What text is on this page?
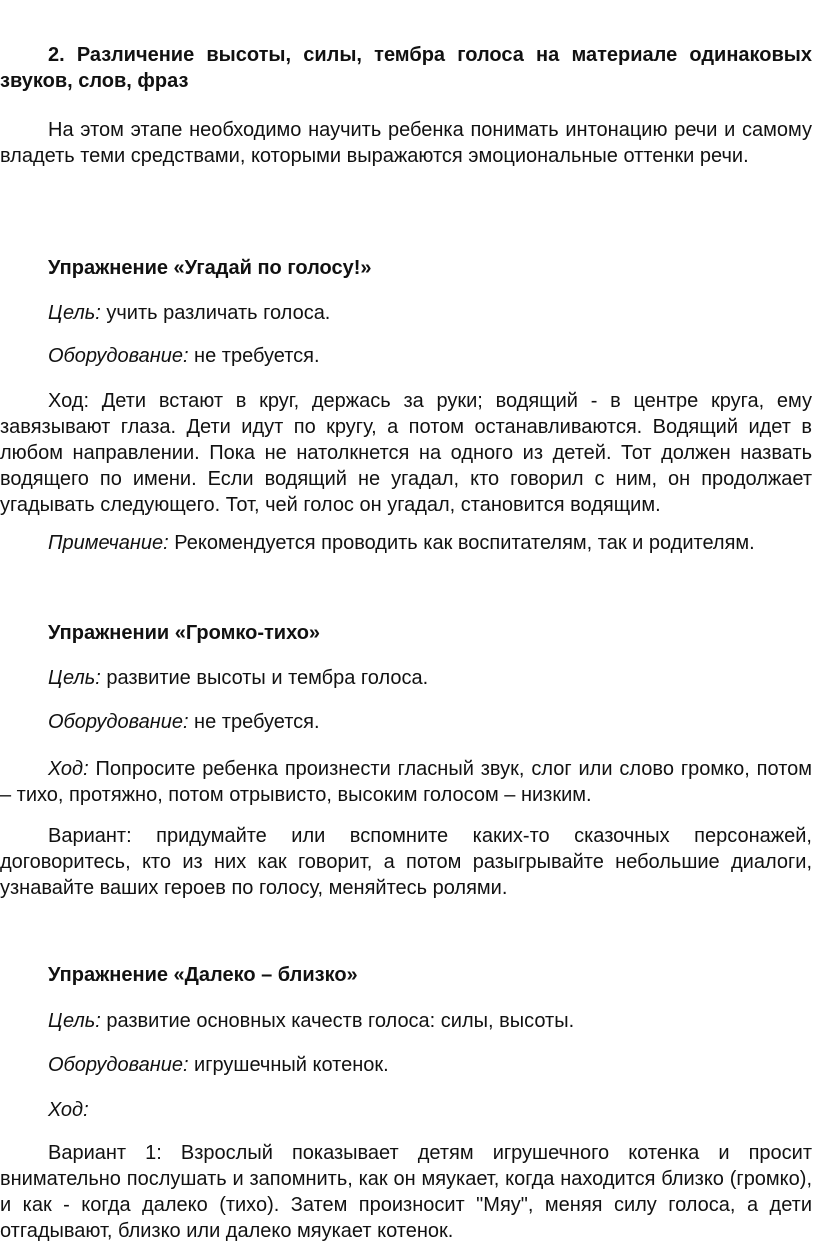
2. Различение высоты, силы, тембра голоса на материале одинаковых звуков, слов, фраз

На этом этапе необходимо научить ребенка понимать интонацию речи и самому владеть теми средствами, которыми выражаются эмоциональные оттенки речи.

Упражнение «Угадай по голосу!»

Цель: учить различать голоса.

Оборудование: не требуется.

Ход: Дети встают в круг, держась за руки; водящий - в центре круга, ему завязывают глаза. Дети идут по кругу, а потом останавливаются. Водящий идет в любом направлении. Пока не натолкнется на одного из детей. Тот должен назвать водящего по имени. Если водящий не угадал, кто говорил с ним, он продолжает угадывать следующего. Тот, чей голос он угадал, становится водящим.

Примечание: Рекомендуется проводить как воспитателям, так и родителям.

Упражнении «Громко-тихо»

Цель: развитие высоты и тембра голоса.

Оборудование: не требуется.

Ход: Попросите ребенка произнести гласный звук, слог или слово громко, потом – тихо, протяжно, потом отрывисто, высоким голосом – низким.

Вариант: придумайте или вспомните каких-то сказочных персонажей, договоритесь, кто из них как говорит, а потом разыгрывайте небольшие диалоги, узнавайте ваших героев по голосу, меняйтесь ролями.

Упражнение «Далеко – близко»

Цель: развитие основных качеств голоса: силы, высоты.

Оборудование: игрушечный котенок.

Ход:

Вариант 1: Взрослый показывает детям игрушечного котенка и просит внимательно послушать и запомнить, как он мяукает, когда находится близко (громко), и как - когда далеко (тихо). Затем произносит "Мяу", меняя силу голоса, а дети отгадывают, близко или далеко мяукает котенок.
